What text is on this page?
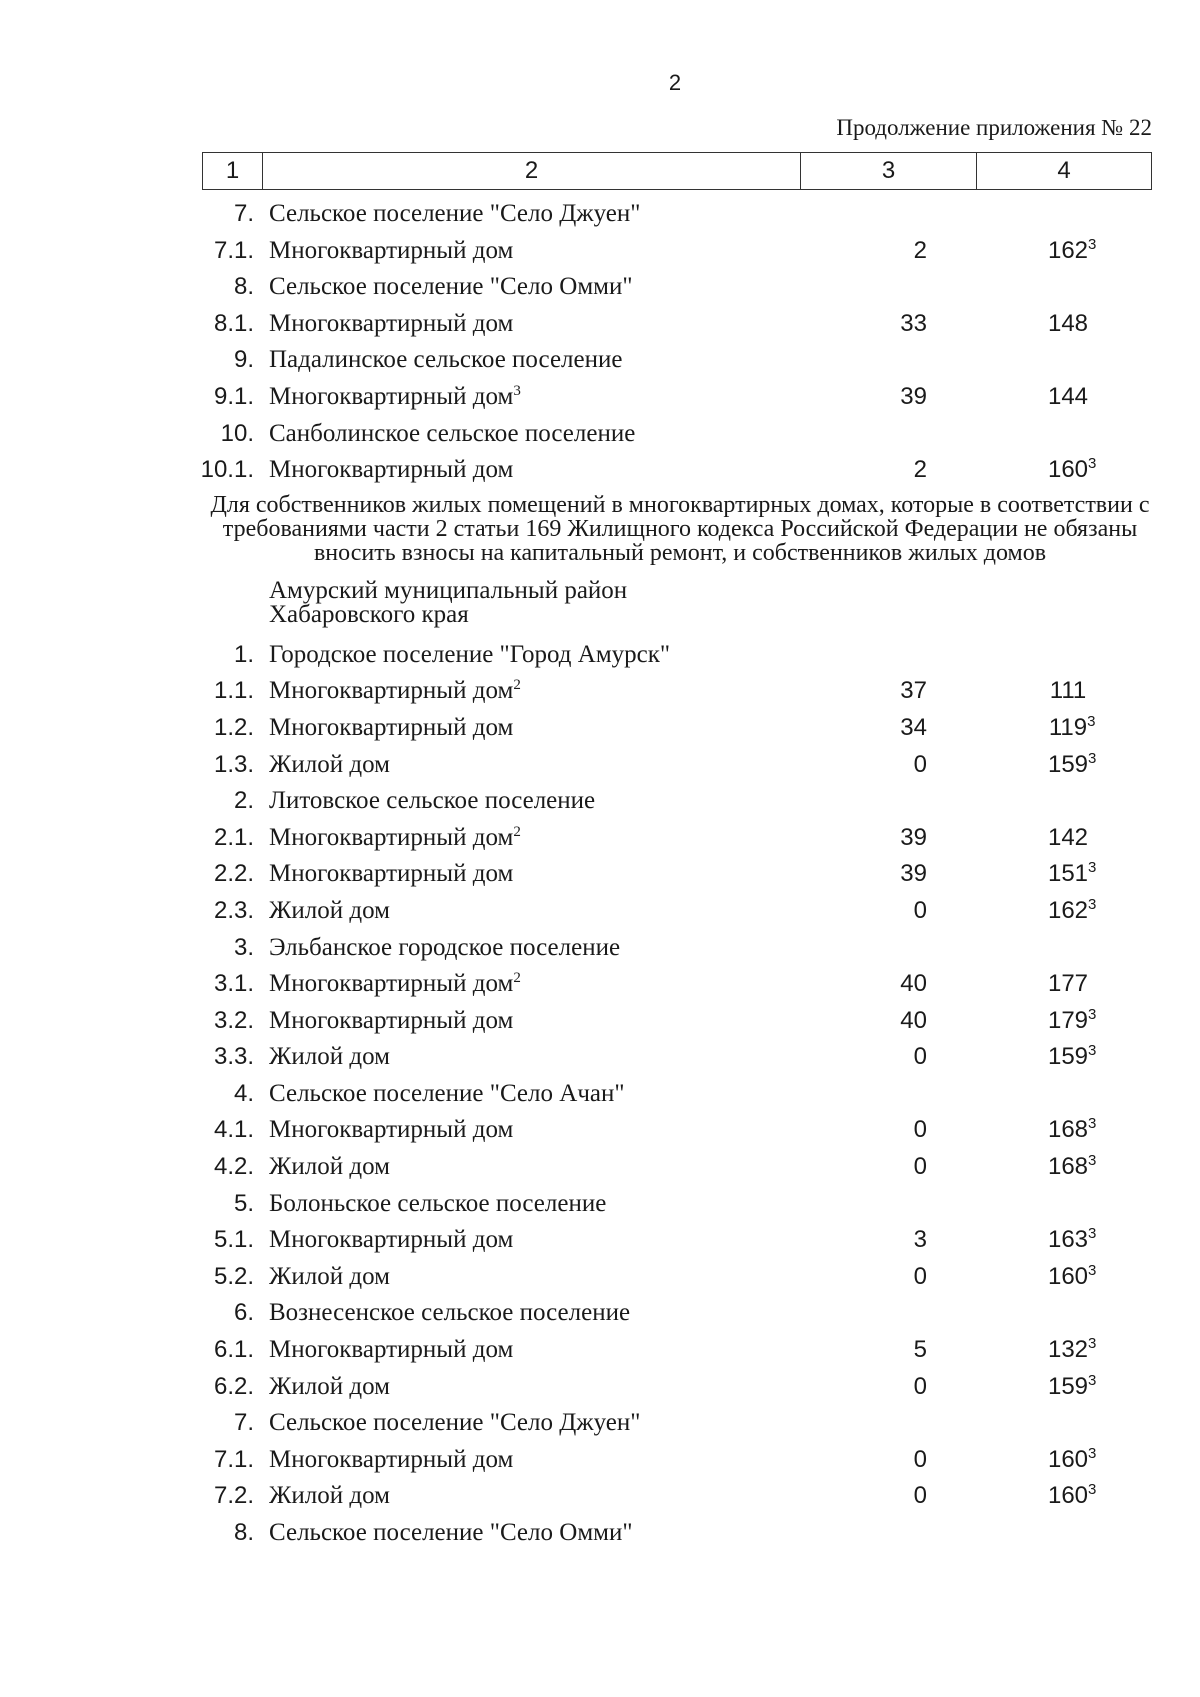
2
Продолжение приложения № 22
1	2	3	4
7. Сельское поселение "Село Джуен"
7.1. Многоквартирный дом	2	$162^3$
8. Сельское поселение "Село Омми"
8.1. Многоквартирный дом	33	148
9. Падалинское сельское поселение
9.1. Многоквартирный дом$^3$	39	144
10. Санболинское сельское поселение
10.1. Многоквартирный дом	2	$160^3$
Для собственников жилых помещений в многоквартирных домах, которые в соответствии с требованиями части 2 статьи 169 Жилищного кодекса Российской Федерации не обязаны вносить взносы на капитальный ремонт, и собственников жилых домов
Амурский муниципальный район Хабаровского края
1. Городское поселение "Город Амурск"
1.1. Многоквартирный дом$^2$	37	111
1.2. Многоквартирный дом	34	$119^3$
1.3. Жилой дом	0	$159^3$
2. Литовское сельское поселение
2.1. Многоквартирный дом$^2$	39	142
2.2. Многоквартирный дом	39	$151^3$
2.3. Жилой дом	0	$162^3$
3. Эльбанское городское поселение
3.1. Многоквартирный дом$^2$	40	177
3.2. Многоквартирный дом	40	$179^3$
3.3. Жилой дом	0	$159^3$
4. Сельское поселение "Село Ачан"
4.1. Многоквартирный дом	0	$168^3$
4.2. Жилой дом	0	$168^3$
5. Болоньское сельское поселение
5.1. Многоквартирный дом	3	$163^3$
5.2. Жилой дом	0	$160^3$
6. Вознесенское сельское поселение
6.1. Многоквартирный дом	5	$132^3$
6.2. Жилой дом	0	$159^3$
7. Сельское поселение "Село Джуен"
7.1. Многоквартирный дом	0	$160^3$
7.2. Жилой дом	0	$160^3$
8. Сельское поселение "Село Омми"
